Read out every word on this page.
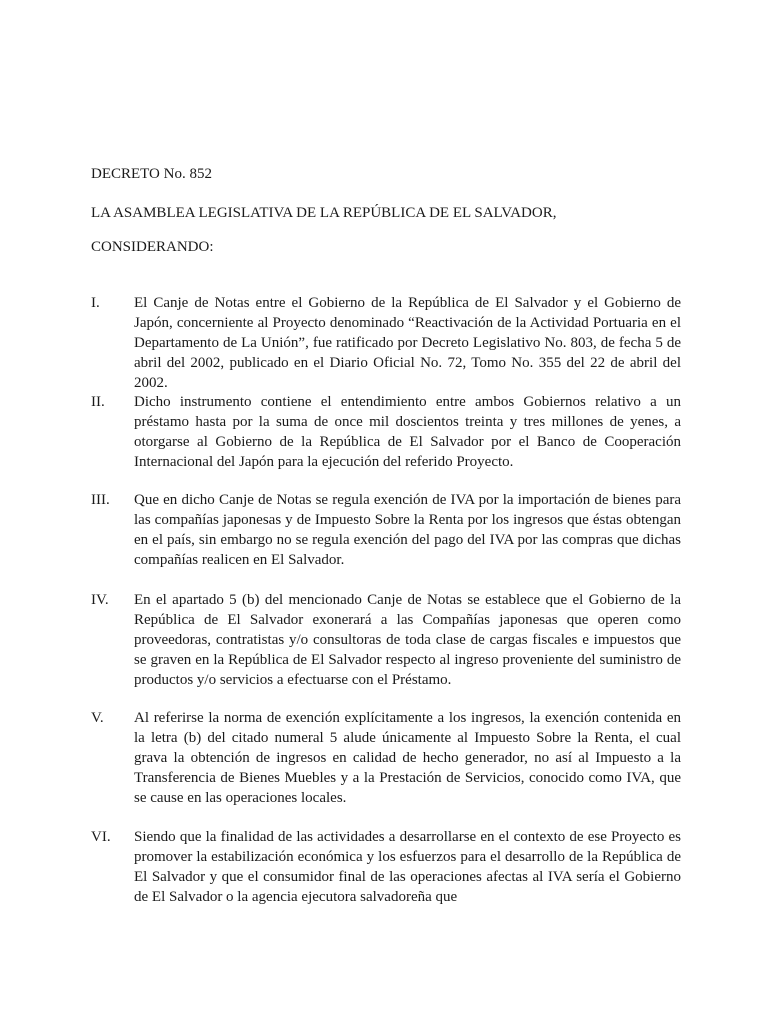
DECRETO No. 852
LA ASAMBLEA LEGISLATIVA DE LA REPÚBLICA DE EL SALVADOR,
CONSIDERANDO:
I. El Canje de Notas entre el Gobierno de la República de El Salvador y el Gobierno de Japón, concerniente al Proyecto denominado “Reactivación de la Actividad Portuaria en el Departamento de La Unión”, fue ratificado por Decreto Legislativo No. 803, de fecha 5 de abril del 2002, publicado en el Diario Oficial No. 72, Tomo No. 355 del 22 de abril del 2002.
II. Dicho instrumento contiene el entendimiento entre ambos Gobiernos relativo a un préstamo hasta por la suma de once mil doscientos treinta y tres millones de yenes, a otorgarse al Gobierno de la República de El Salvador por el Banco de Cooperación Internacional del Japón para la ejecución del referido Proyecto.
III. Que en dicho Canje de Notas se regula exención de IVA por la importación de bienes para las compañías japonesas y de Impuesto Sobre la Renta por los ingresos que éstas obtengan en el país, sin embargo no se regula exención del pago del IVA por las compras que dichas compañías realicen en El Salvador.
IV. En el apartado 5 (b) del mencionado Canje de Notas se establece que el Gobierno de la República de El Salvador exonerará a las Compañías japonesas que operen como proveedoras, contratistas y/o consultoras de toda clase de cargas fiscales e impuestos que se graven en la República de El Salvador respecto al ingreso proveniente del suministro de productos y/o servicios a efectuarse con el Préstamo.
V. Al referirse la norma de exención explícitamente a los ingresos, la exención contenida en la letra (b) del citado numeral 5 alude únicamente al Impuesto Sobre la Renta, el cual grava la obtención de ingresos en calidad de hecho generador, no así al Impuesto a la Transferencia de Bienes Muebles y a la Prestación de Servicios, conocido como IVA, que se cause en las operaciones locales.
VI. Siendo que la finalidad de las actividades a desarrollarse en el contexto de ese Proyecto es promover la estabilización económica y los esfuerzos para el desarrollo de la República de El Salvador y que el consumidor final de las operaciones afectas al IVA sería el Gobierno de El Salvador o la agencia ejecutora salvadoreña que
